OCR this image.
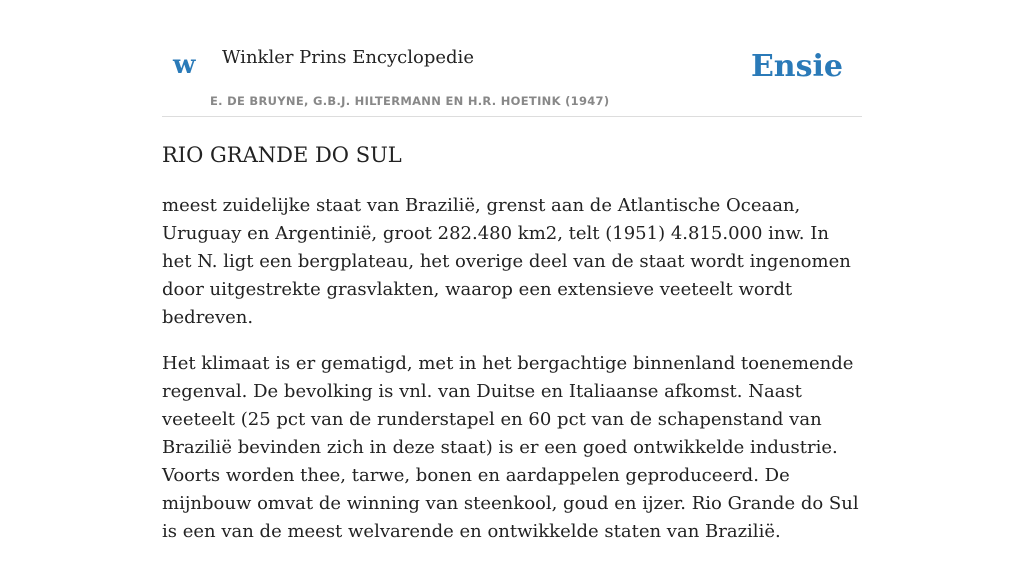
w Winkler Prins Encyclopedie
E. DE BRUYNE, G.B.J. HILTERMANN EN H.R. HOETINK (1947)
Ensie
RIO GRANDE DO SUL

meest zuidelijke staat van Brazilië, grenst aan de Atlantische Oceaan, Uruguay en Argentinië, groot 282.480 km2, telt (1951) 4.815.000 inw. In het N. ligt een bergplateau, het overige deel van de staat wordt ingenomen door uitgestrekte grasvlakten, waarop een extensieve veeteelt wordt bedreven.

Het klimaat is er gematigd, met in het bergachtige binnenland toenemende regenval. De bevolking is vnl. van Duitse en Italiaanse afkomst. Naast veeteelt (25 pct van de runderstapel en 60 pct van de schapenstand van Brazilië bevinden zich in deze staat) is er een goed ontwikkelde industrie. Voorts worden thee, tarwe, bonen en aardappelen geproduceerd. De mijnbouw omvat de winning van steenkool, goud en ijzer. Rio Grande do Sul is een van de meest welvarende en ontwikkelde staten van Brazilië.
